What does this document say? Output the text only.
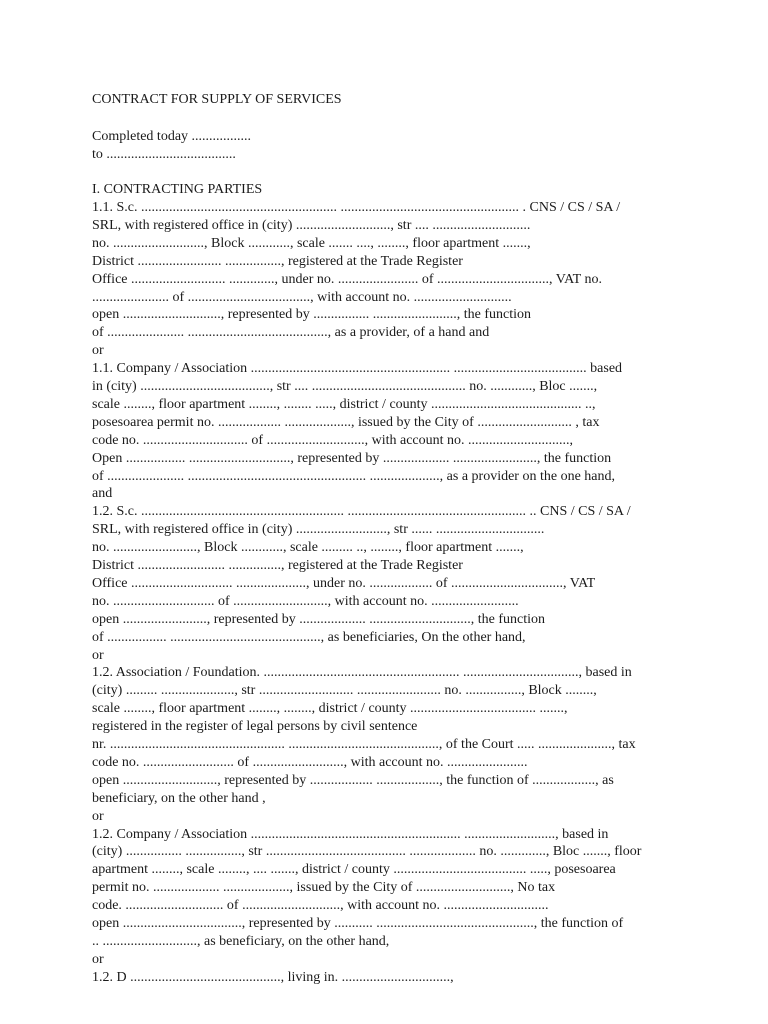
CONTRACT FOR SUPPLY OF SERVICES

Completed today .................

to .....................................

I. CONTRACTING PARTIES

1.1. S.c. ........................................................ ................................................... . CNS / CS / SA /

SRL, with registered office in (city) ..........................., str .... ............................

no. .........................., Block ............, scale ....... ...., ........, floor apartment .......,

District ........................ ................, registered at the Trade Register

Office ........................... ............., under no. ....................... of ................................, VAT no.

...................... of ..................................., with account no. ............................

open ............................, represented by ................ ........................, the function

of ...................... ........................................, as a provider, of a hand and

or

1.1. Company / Association ......................................................... ...................................... based

in (city) ....................................., str .... ............................................ no. ............, Bloc .......,

scale ........, floor apartment ........, ........ ....., district / county ........................................... ..,

posesoarea permit no. .................. ..................., issued by the City of ........................... , tax

code no. .............................. of ............................, with account no. .............................,

Open ................. ............................., represented by ................... ........................, the function

of ...................... ................................................... ...................., as a provider on the one hand,

and

1.2. S.c. .......................................................... ................................................... .. CNS / CS / SA /

SRL, with registered office in (city) .........................., str ...... ...............................

no. ........................, Block ............, scale ......... .., ........, floor apartment .......,

District ......................... ..............., registered at the Trade Register

Office ............................. ...................., under no. .................. of ................................, VAT

no. ............................. of ..........................., with account no. .........................

open ........................, represented by ................... ............................., the function

of ................. ..........................................., as beneficiaries, On the other hand,

or

1.2. Association / Foundation. ........................................................ ................................., based in

(city) ......... ....................., str ........................... ........................ no. ................, Block ........,

scale ........, floor apartment ........, ........, district / county .................................... .......,

registered in the register of legal persons by civil sentence

nr. .................................................. ..........................................., of the Court ..... ....................., tax

code no. .......................... of .........................., with account no. .......................

open ..........................., represented by .................. .................., the function of .................., as

beneficiary, on the other hand ,

or

1.2. Company / Association ............................................................ .........................., based in

(city) ................ ................, str ........................................ ................... no. ............., Bloc ......., floor

apartment ........, scale ........, .... ......., district / county ...................................... ....., posesoarea

permit no. ................... ..................., issued by the City of ..........................., No tax

code. ............................ of ............................, with account no. ..............................

open .................................., represented by ........... ............................................., the function of

.. ..........................., as beneficiary, on the other hand,

or

1.2. D ..........................................., living in. ...............................,
